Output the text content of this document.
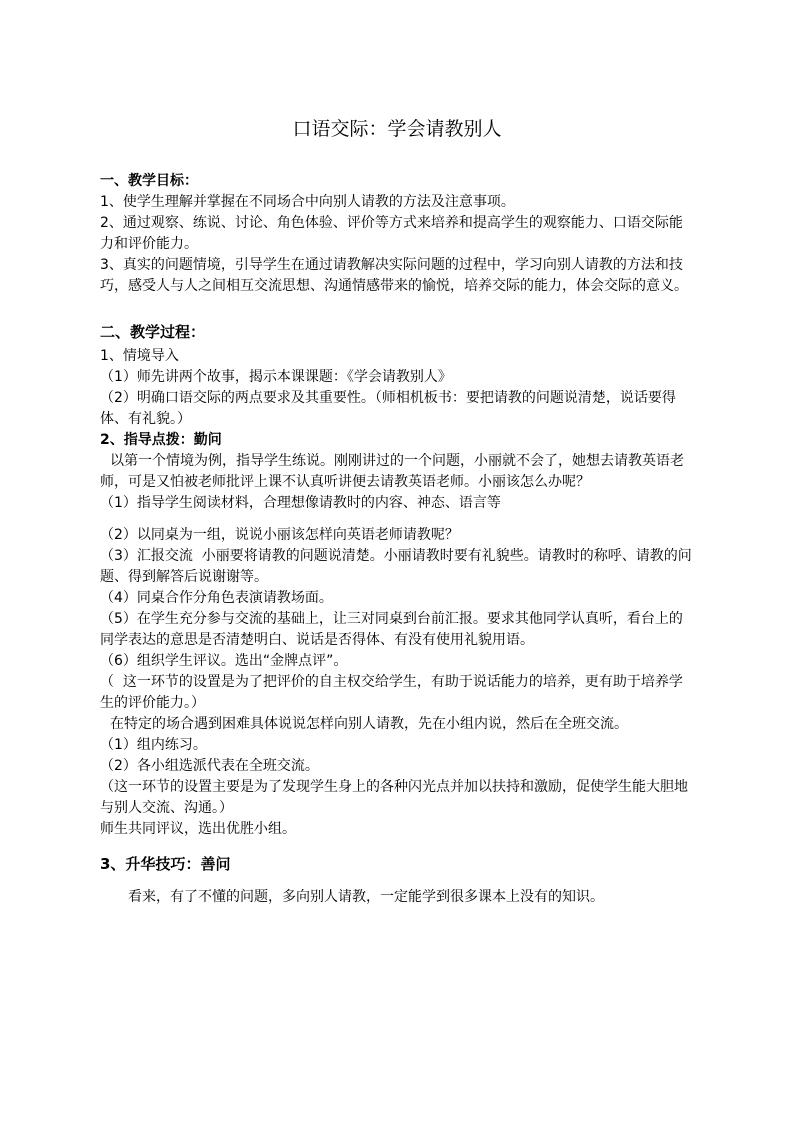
口语交际：学会请教别人

一、教学目标：

1、使学生理解并掌握在不同场合中向别人请教的方法及注意事项。

2、通过观察、练说、讨论、角色体验、评价等方式来培养和提高学生的观察能力、口语交际能力和评价能力。

3、真实的问题情境，引导学生在通过请教解决实际问题的过程中，学习向别人请教的方法和技巧，感受人与人之间相互交流思想、沟通情感带来的愉悦，培养交际的能力，体会交际的意义。

二、教学过程：

1、情境导入

（1）师先讲两个故事，揭示本课课题：《学会请教别人》

（2）明确口语交际的两点要求及其重要性。（师相机板书：要把请教的问题说清楚，说话要得体、有礼貌。）

2、指导点拨：勤问

以第一个情境为例，指导学生练说。刚刚讲过的一个问题，小丽就不会了，她想去请教英语老师，可是又怕被老师批评上课不认真听讲便去请教英语老师。小丽该怎么办呢？

（1）指导学生阅读材料，合理想像请教时的内容、神态、语言等

（2）以同桌为一组，说说小丽该怎样向英语老师请教呢？

（3）汇报交流  小丽要将请教的问题说清楚。小丽请教时要有礼貌些。请教时的称呼、请教的问题、得到解答后说谢谢等。

（4）同桌合作分角色表演请教场面。

（5）在学生充分参与交流的基础上，让三对同桌到台前汇报。要求其他同学认真听，看台上的同学表达的意思是否清楚明白、说话是否得体、有没有使用礼貌用语。

（6）组织学生评议。选出“金牌点评”。

（  这一环节的设置是为了把评价的自主权交给学生，有助于说话能力的培养，更有助于培养学生的评价能力。）

在特定的场合遇到困难具体说说怎样向别人请教，先在小组内说，然后在全班交流。

（1）组内练习。

（2）各小组选派代表在全班交流。

（这一环节的设置主要是为了发现学生身上的各种闪光点并加以扶持和激励，促使学生能大胆地与别人交流、沟通。）

师生共同评议，选出优胜小组。

3、升华技巧：善问

看来，有了不懂的问题，多向别人请教，一定能学到很多课本上没有的知识。
